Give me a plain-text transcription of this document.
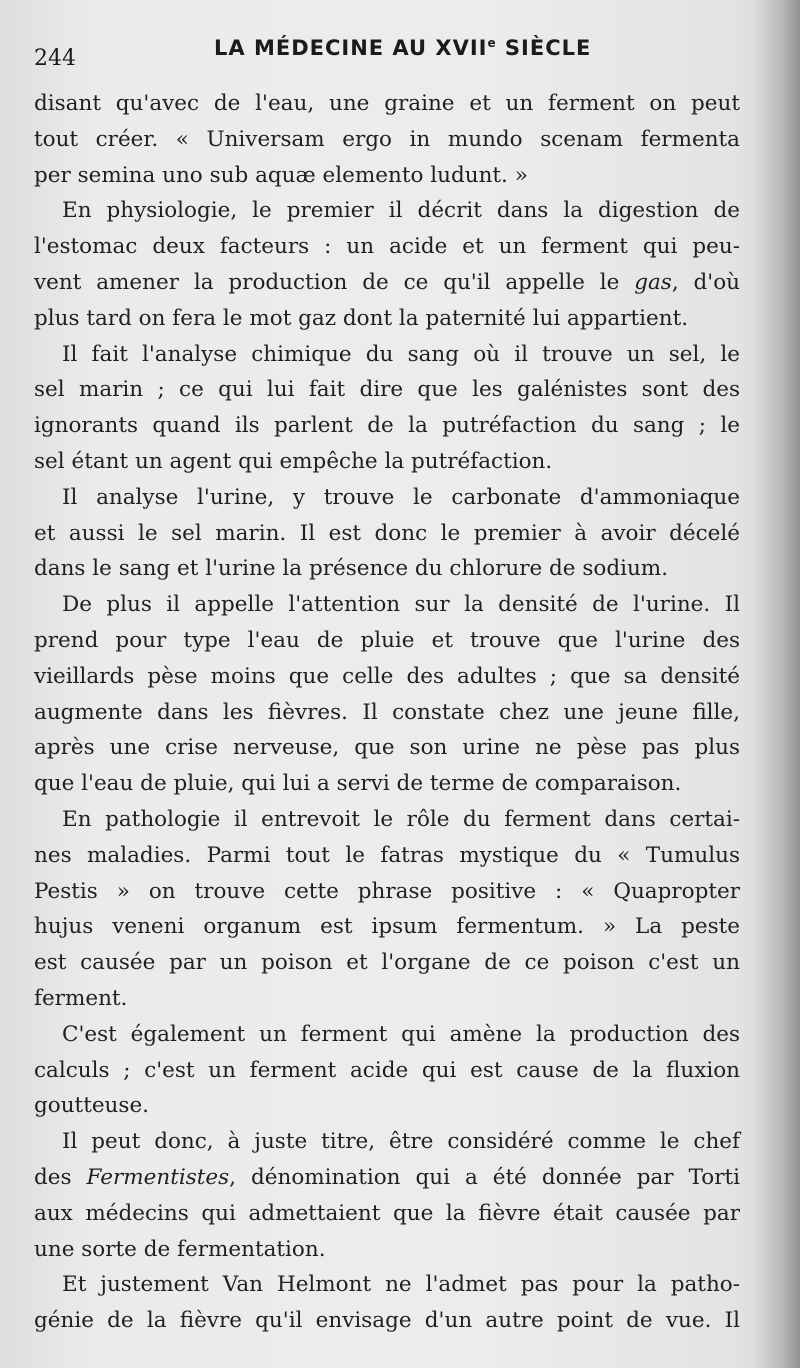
244	LA MÉDECINE AU XVIIe SIÈCLE
disant qu'avec de l'eau, une graine et un ferment on peut
tout créer. « Universam ergo in mundo scenam fermenta
per semina uno sub aquæ elemento ludunt. »
En physiologie, le premier il décrit dans la digestion de
l'estomac deux facteurs : un acide et un ferment qui peu-
vent amener la production de ce qu'il appelle le gas, d'où
plus tard on fera le mot gaz dont la paternité lui appartient.
Il fait l'analyse chimique du sang où il trouve un sel, le
sel marin ; ce qui lui fait dire que les galénistes sont des
ignorants quand ils parlent de la putréfaction du sang ; le
sel étant un agent qui empêche la putréfaction.
Il analyse l'urine, y trouve le carbonate d'ammoniaque
et aussi le sel marin. Il est donc le premier à avoir décelé
dans le sang et l'urine la présence du chlorure de sodium.
De plus il appelle l'attention sur la densité de l'urine. Il
prend pour type l'eau de pluie et trouve que l'urine des
vieillards pèse moins que celle des adultes ; que sa densité
augmente dans les fièvres. Il constate chez une jeune fille,
après une crise nerveuse, que son urine ne pèse pas plus
que l'eau de pluie, qui lui a servi de terme de comparaison.
En pathologie il entrevoit le rôle du ferment dans certai-
nes maladies. Parmi tout le fatras mystique du « Tumulus
Pestis » on trouve cette phrase positive : « Quapropter
hujus veneni organum est ipsum fermentum. » La peste
est causée par un poison et l'organe de ce poison c'est un
ferment.
C'est également un ferment qui amène la production des
calculs ; c'est un ferment acide qui est cause de la fluxion
goutteuse.
Il peut donc, à juste titre, être considéré comme le chef
des Fermentistes, dénomination qui a été donnée par Torti
aux médecins qui admettaient que la fièvre était causée par
une sorte de fermentation.
Et justement Van Helmont ne l'admet pas pour la patho-
génie de la fièvre qu'il envisage d'un autre point de vue. Il
